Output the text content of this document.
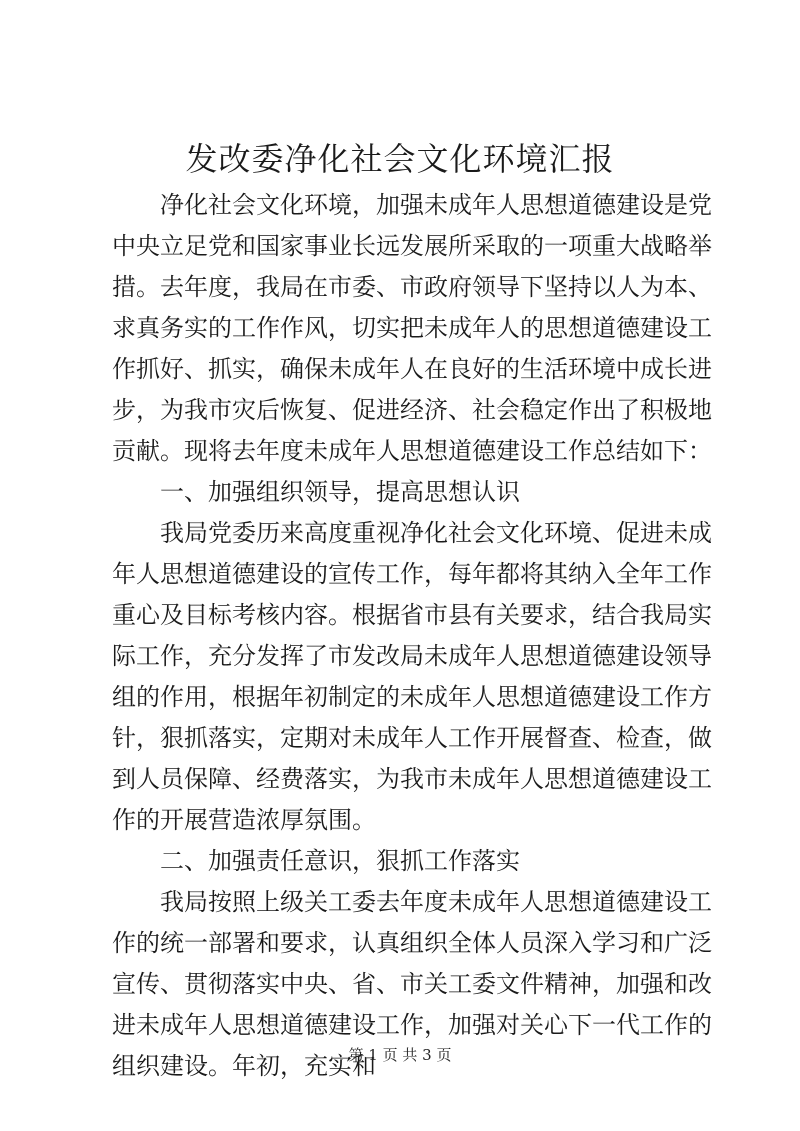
发改委净化社会文化环境汇报

净化社会文化环境，加强未成年人思想道德建设是党中央立足党和国家事业长远发展所采取的一项重大战略举措。去年度，我局在市委、市政府领导下坚持以人为本、求真务实的工作作风，切实把未成年人的思想道德建设工作抓好、抓实，确保未成年人在良好的生活环境中成长进步，为我市灾后恢复、促进经济、社会稳定作出了积极地贡献。现将去年度未成年人思想道德建设工作总结如下：

一、加强组织领导，提高思想认识

我局党委历来高度重视净化社会文化环境、促进未成年人思想道德建设的宣传工作，每年都将其纳入全年工作重心及目标考核内容。根据省市县有关要求，结合我局实际工作，充分发挥了市发改局未成年人思想道德建设领导组的作用，根据年初制定的未成年人思想道德建设工作方针，狠抓落实，定期对未成年人工作开展督查、检查，做到人员保障、经费落实，为我市未成年人思想道德建设工作的开展营造浓厚氛围。

二、加强责任意识，狠抓工作落实

我局按照上级关工委去年度未成年人思想道德建设工作的统一部署和要求，认真组织全体人员深入学习和广泛宣传、贯彻落实中央、省、市关工委文件精神，加强和改进未成年人思想道德建设工作，加强对关心下一代工作的组织建设。年初，充实和

第 1 页 共 3 页
